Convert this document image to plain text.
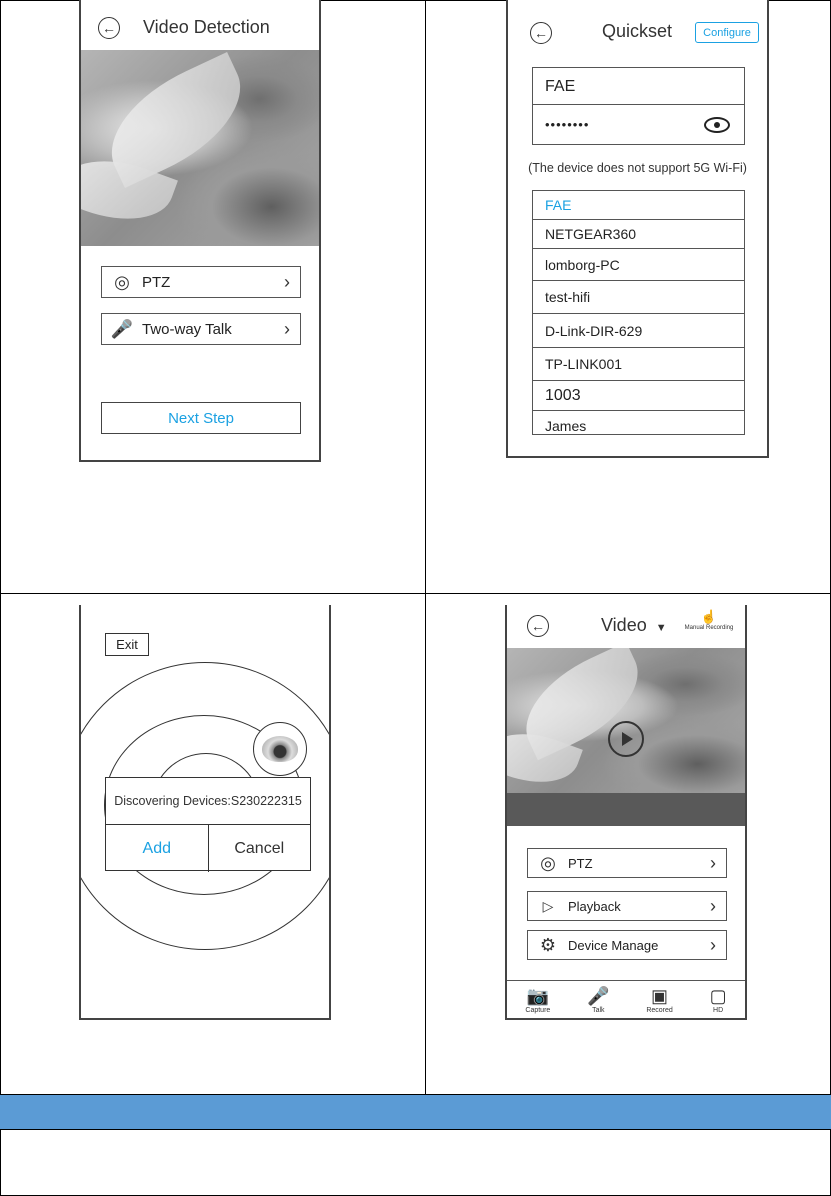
← Video Detection
◎ PTZ	›
🎤 Two-way Talk	›
Next Step
←	Quickset	Configure
FAE
••••••••
(The device does not support 5G Wi-Fi)
FAE
NETGEAR360
lomborg-PC
test-hifi
D-Link-DIR-629
TP-LINK001
1003
James
Exit
Discovering Devices:S230222315
Add	Cancel
←	Video ▼
☝
Manual Recording
◎ PTZ	›
▷	Playback	›
⚙ Device Manage	›
📷
Capture
🎤
Talk
▣
Recored
▢
HD
